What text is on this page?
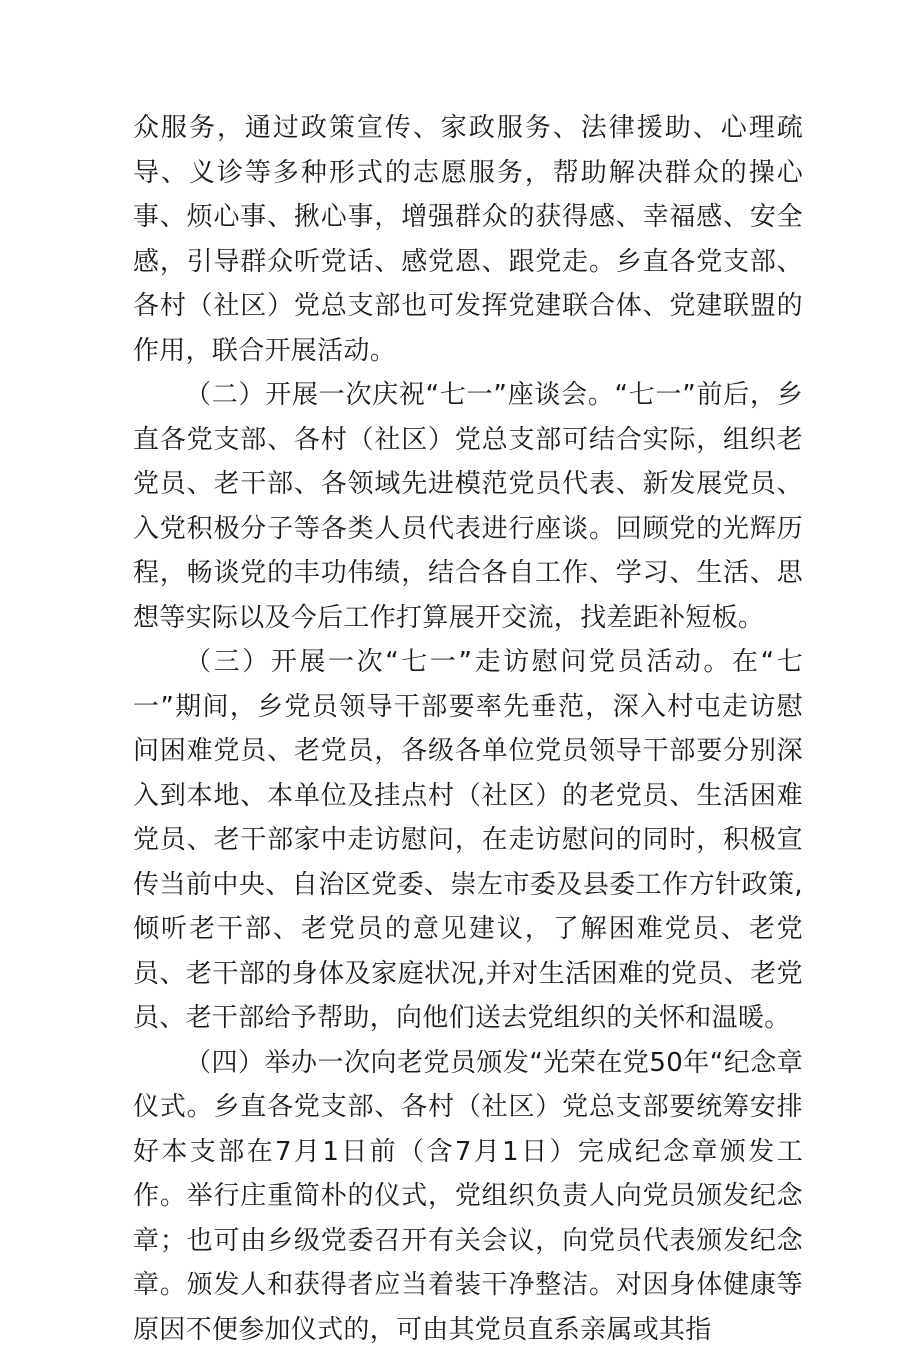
众服务，通过政策宣传、家政服务、法律援助、心理疏导、义诊等多种形式的志愿服务，帮助解决群众的操心事、烦心事、揪心事，增强群众的获得感、幸福感、安全感，引导群众听党话、感党恩、跟党走。乡直各党支部、各村（社区）党总支部也可发挥党建联合体、党建联盟的作用，联合开展活动。

（二）开展一次庆祝“七一”座谈会。“七一”前后，乡直各党支部、各村（社区）党总支部可结合实际，组织老党员、老干部、各领域先进模范党员代表、新发展党员、入党积极分子等各类人员代表进行座谈。回顾党的光辉历程，畅谈党的丰功伟绩，结合各自工作、学习、生活、思想等实际以及今后工作打算展开交流，找差距补短板。

（三）开展一次“七一”走访慰问党员活动。在“七一”期间，乡党员领导干部要率先垂范，深入村屯走访慰问困难党员、老党员，各级各单位党员领导干部要分别深入到本地、本单位及挂点村（社区）的老党员、生活困难党员、老干部家中走访慰问，在走访慰问的同时，积极宣传当前中央、自治区党委、崇左市委及县委工作方针政策,倾听老干部、老党员的意见建议，了解困难党员、老党员、老干部的身体及家庭状况,并对生活困难的党员、老党员、老干部给予帮助，向他们送去党组织的关怀和温暖。

（四）举办一次向老党员颁发“光荣在党50年“纪念章仪式。乡直各党支部、各村（社区）党总支部要统筹安排好本支部在7月1日前（含7月1日）完成纪念章颁发工作。举行庄重简朴的仪式，党组织负责人向党员颁发纪念章；也可由乡级党委召开有关会议，向党员代表颁发纪念章。颁发人和获得者应当着装干净整洁。对因身体健康等原因不便参加仪式的，可由其党员直系亲属或其指
